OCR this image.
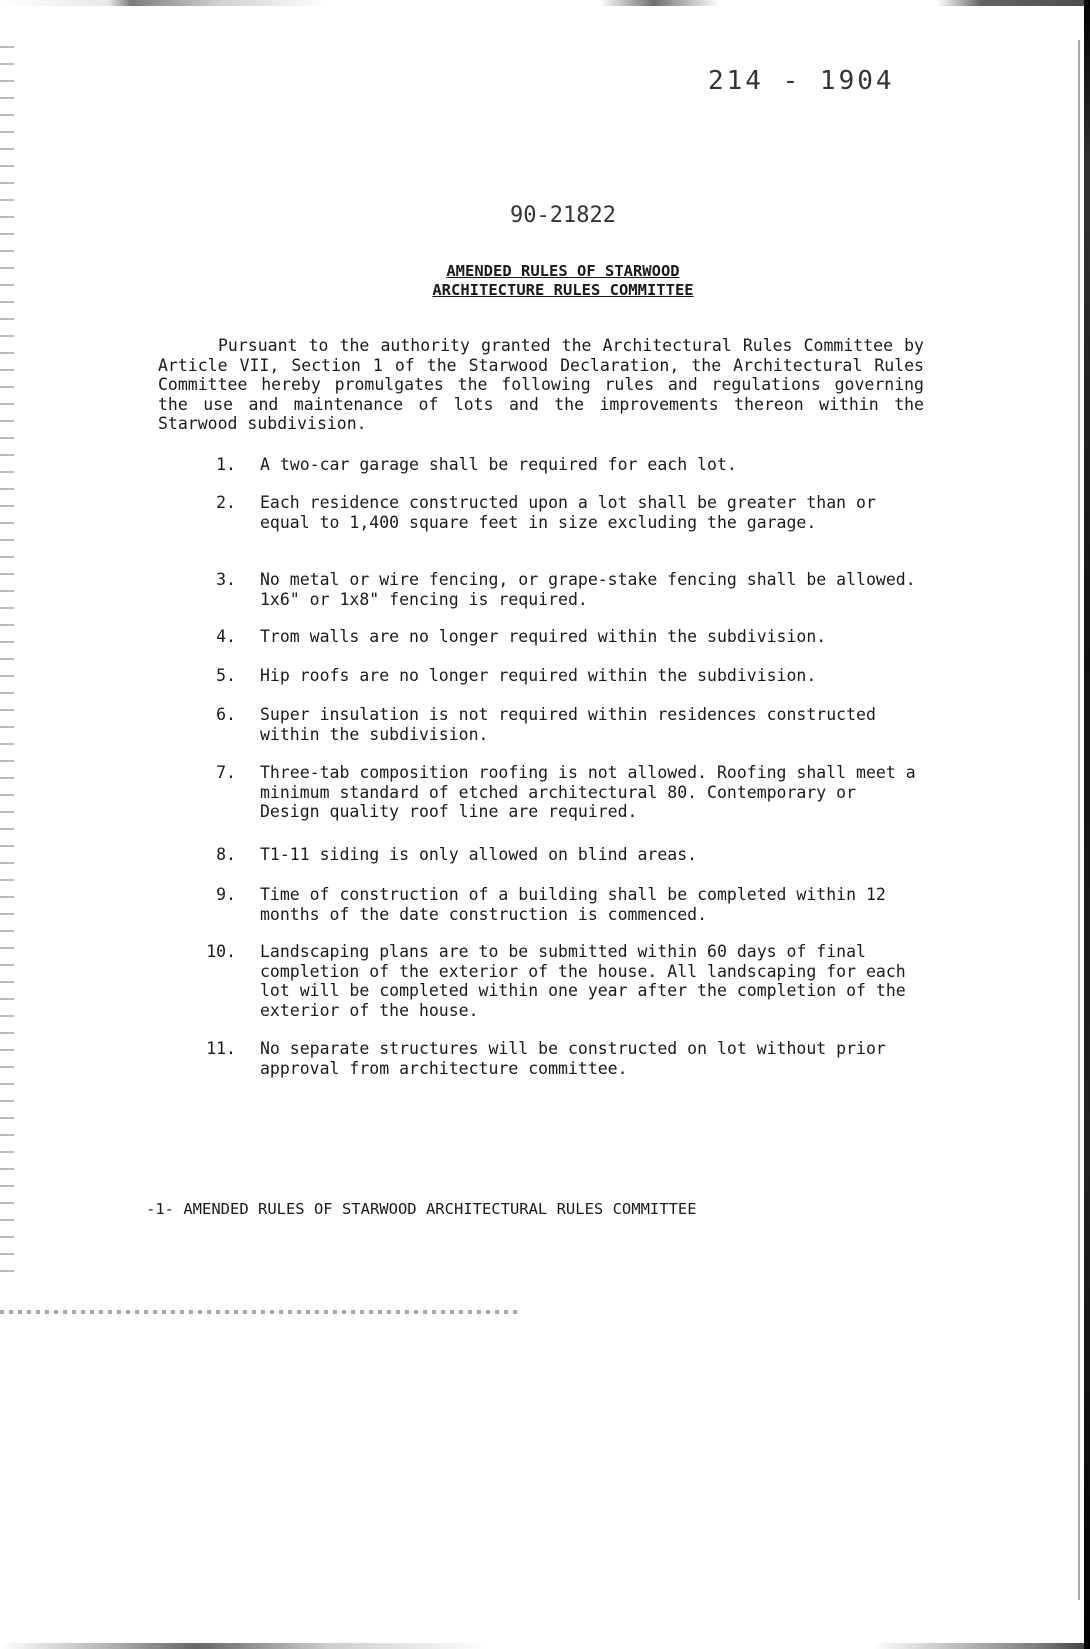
214 - 1904
90-21822
AMENDED RULES OF STARWOOD
ARCHITECTURE RULES COMMITTEE

Pursuant to the authority granted the Architectural Rules Committee by Article VII, Section 1 of the Starwood Declaration, the Architectural Rules Committee hereby promulgates the following rules and regulations governing the use and maintenance of lots and the improvements thereon within the Starwood subdivision.

1. A two-car garage shall be required for each lot.
2. Each residence constructed upon a lot shall be greater than or equal to 1,400 square feet in size excluding the garage.
3. No metal or wire fencing, or grape-stake fencing shall be allowed. 1x6" or 1x8" fencing is required.
4. Trom walls are no longer required within the subdivision.
5. Hip roofs are no longer required within the subdivision.
6. Super insulation is not required within residences constructed within the subdivision.
7. Three-tab composition roofing is not allowed. Roofing shall meet a minimum standard of etched architectural 80. Contemporary or Design quality roof line are required.
8. T1-11 siding is only allowed on blind areas.
9. Time of construction of a building shall be completed within 12 months of the date construction is commenced.
10. Landscaping plans are to be submitted within 60 days of final completion of the exterior of the house. All landscaping for each lot will be completed within one year after the completion of the exterior of the house.
11. No separate structures will be constructed on lot without prior approval from architecture committee.
-1- AMENDED RULES OF STARWOOD ARCHITECTURAL RULES COMMITTEE
